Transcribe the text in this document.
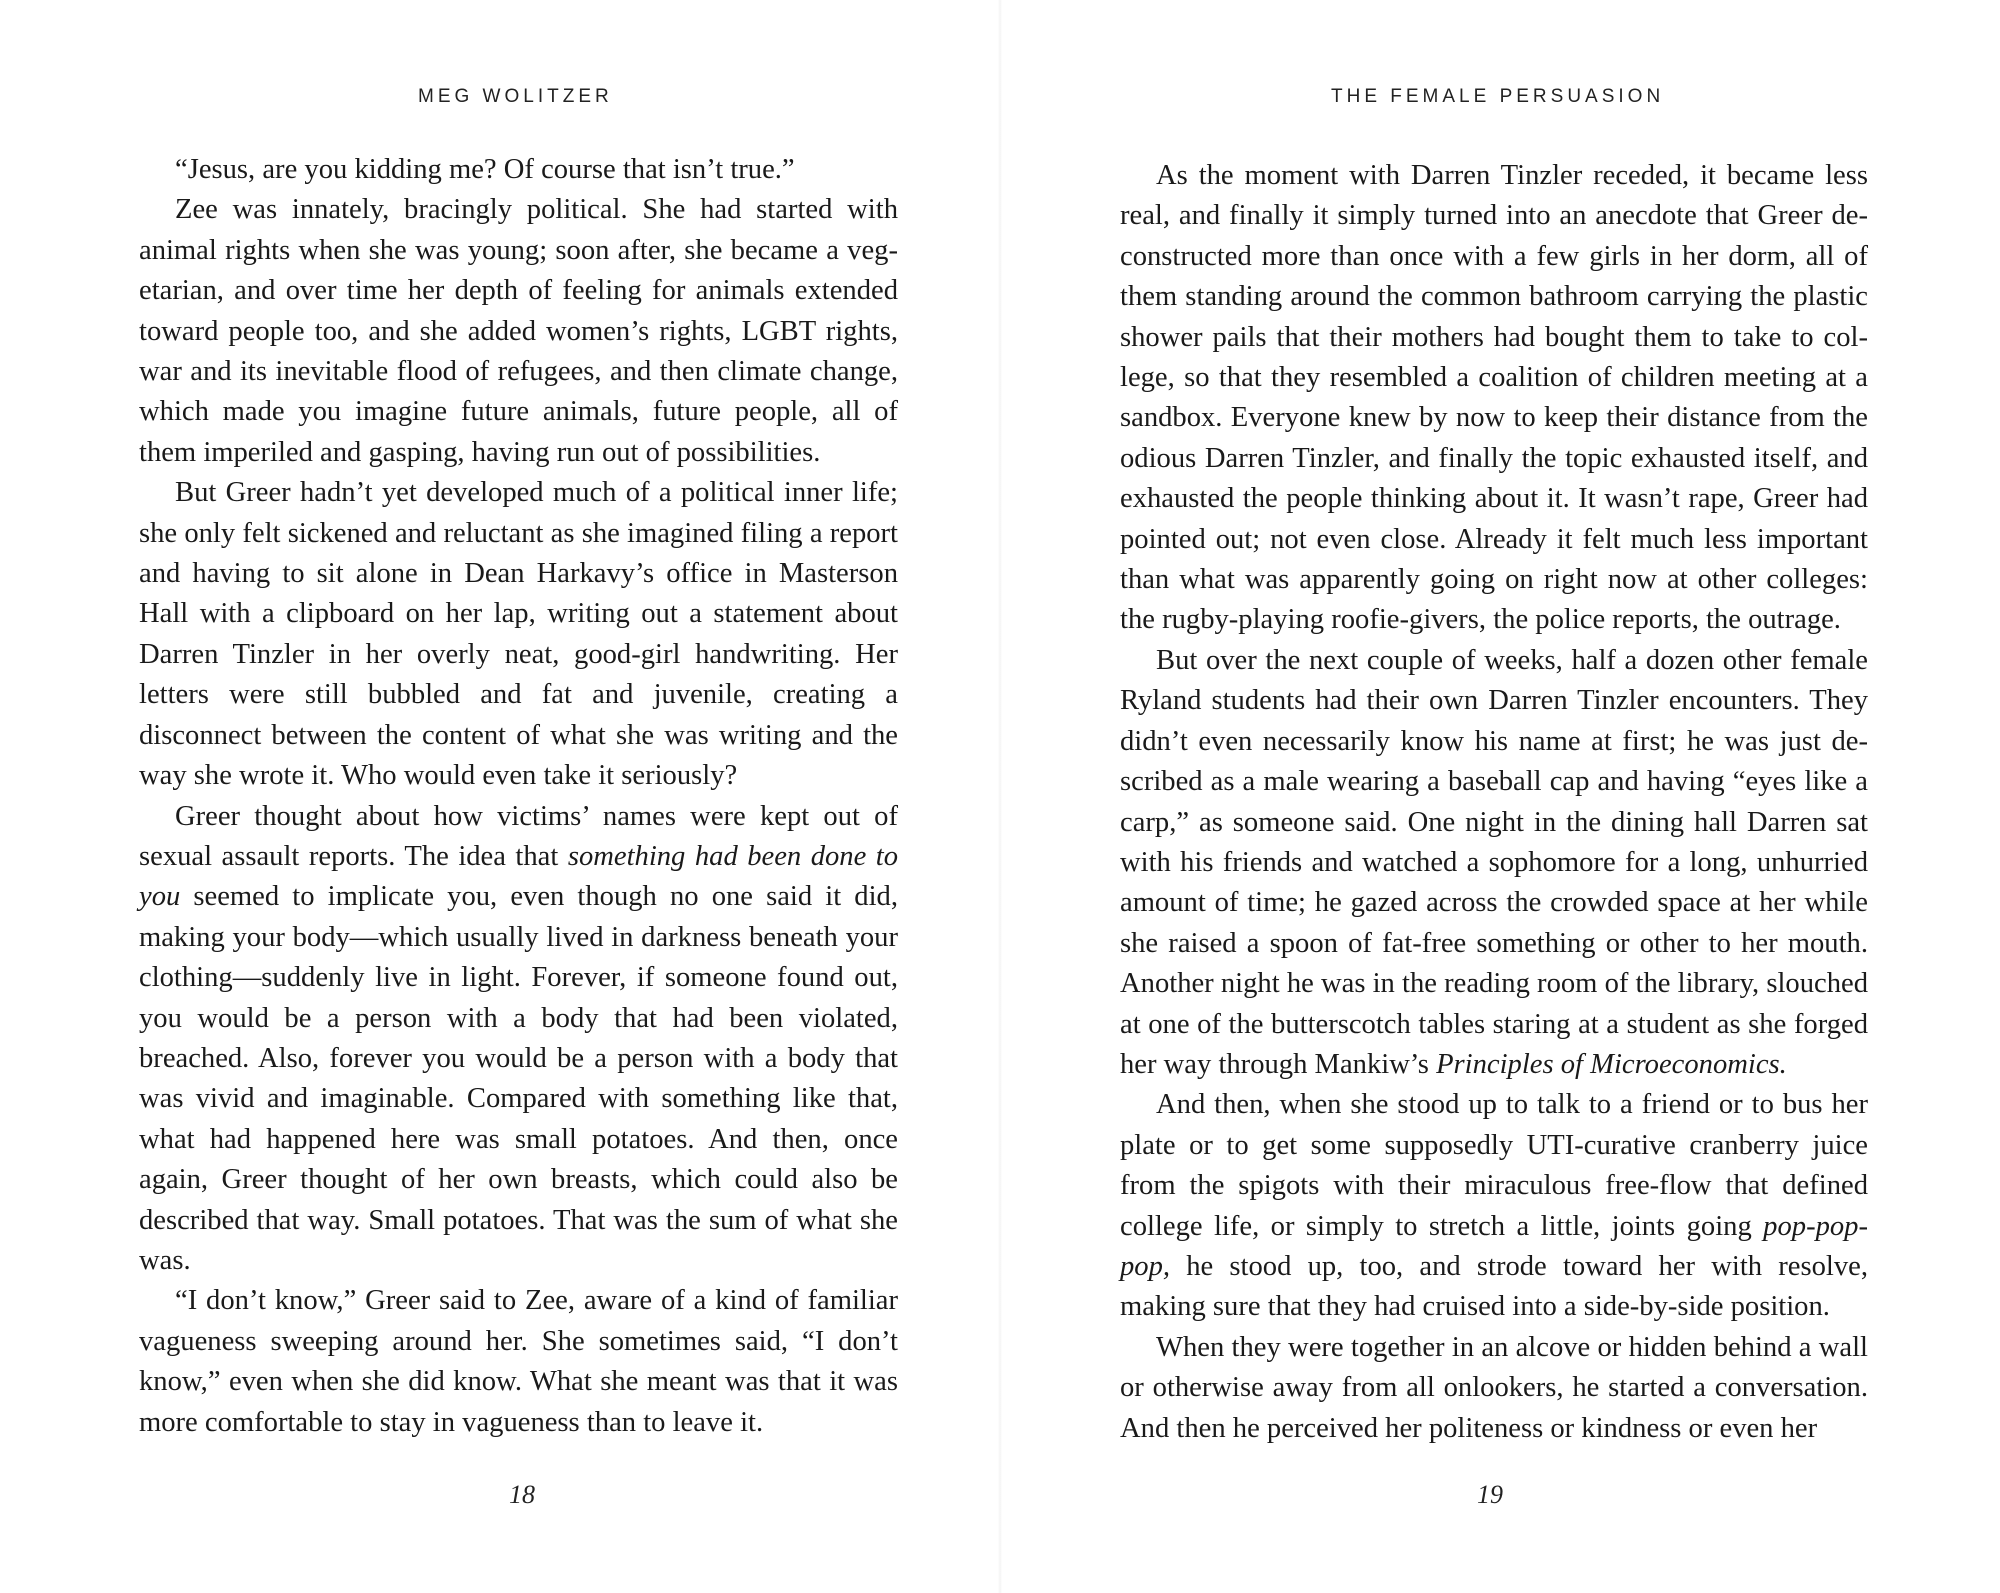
MEG WOLITZER

“Jesus, are you kidding me? Of course that isn’t true.”

Zee was innately, bracingly political. She had started with animal rights when she was young; soon after, she became a vegetarian, and over time her depth of feeling for animals extended toward people too, and she added women’s rights, LGBT rights, war and its inevitable flood of refugees, and then climate change, which made you imagine future animals, future people, all of them imperiled and gasping, having run out of possibilities.

But Greer hadn’t yet developed much of a political inner life; she only felt sickened and reluctant as she imagined filing a report and having to sit alone in Dean Harkavy’s office in Masterson Hall with a clipboard on her lap, writing out a statement about Darren Tinzler in her overly neat, good-girl handwriting. Her letters were still bubbled and fat and juvenile, creating a disconnect between the content of what she was writing and the way she wrote it. Who would even take it seriously?

Greer thought about how victims’ names were kept out of sexual assault reports. The idea that something had been done to you seemed to implicate you, even though no one said it did, making your body—which usually lived in darkness beneath your clothing—suddenly live in light. Forever, if someone found out, you would be a person with a body that had been violated, breached. Also, forever you would be a person with a body that was vivid and imaginable. Compared with something like that, what had happened here was small potatoes. And then, once again, Greer thought of her own breasts, which could also be described that way. Small potatoes. That was the sum of what she was.

“I don’t know,” Greer said to Zee, aware of a kind of familiar vagueness sweeping around her. She sometimes said, “I don’t know,” even when she did know. What she meant was that it was more comfortable to stay in vagueness than to leave it.

18
THE FEMALE PERSUASION

As the moment with Darren Tinzler receded, it became less real, and finally it simply turned into an anecdote that Greer deconstructed more than once with a few girls in her dorm, all of them standing around the common bathroom carrying the plastic shower pails that their mothers had bought them to take to college, so that they resembled a coalition of children meeting at a sandbox. Everyone knew by now to keep their distance from the odious Darren Tinzler, and finally the topic exhausted itself, and exhausted the people thinking about it. It wasn’t rape, Greer had pointed out; not even close. Already it felt much less important than what was apparently going on right now at other colleges: the rugby-playing roofie-givers, the police reports, the outrage.

But over the next couple of weeks, half a dozen other female Ryland students had their own Darren Tinzler encounters. They didn’t even necessarily know his name at first; he was just described as a male wearing a baseball cap and having “eyes like a carp,” as someone said. One night in the dining hall Darren sat with his friends and watched a sophomore for a long, unhurried amount of time; he gazed across the crowded space at her while she raised a spoon of fat-free something or other to her mouth. Another night he was in the reading room of the library, slouched at one of the butterscotch tables staring at a student as she forged her way through Mankiw’s Principles of Microeconomics.

And then, when she stood up to talk to a friend or to bus her plate or to get some supposedly UTI-curative cranberry juice from the spigots with their miraculous free-flow that defined college life, or simply to stretch a little, joints going pop-pop-pop, he stood up, too, and strode toward her with resolve, making sure that they had cruised into a side-by-side position.

When they were together in an alcove or hidden behind a wall or otherwise away from all onlookers, he started a conversation. And then he perceived her politeness or kindness or even her

19
